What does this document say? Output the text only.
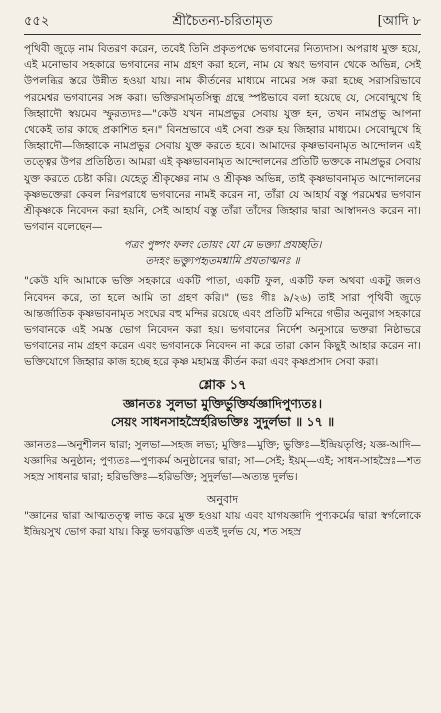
৫৫২	শ্রীচৈতন্য-চরিতামৃত	[আদি ৮

পৃথিবী জুড়ে নাম বিতরণ করেন, তবেই তিনি প্রকৃতপক্ষে ভগবানের নিত্যদাস। অপরাধ মুক্ত হয়ে, এই মনোভাব সহকারে ভগবানের নাম গ্রহণ করা হলে, নাম যে স্বয়ং ভগবান থেকে অভিন্ন, সেই উপলব্ধির স্তরে উন্নীত হওয়া যায়। নাম কীর্তনের মাধ্যমে নামের সঙ্গ করা হচ্ছে সরাসরিভাবে পরমেশ্বর ভগবানের সঙ্গ করা। ভক্তিরসামৃতসিন্ধু গ্রন্থে স্পষ্টভাবে বলা হয়েছে যে, সেবোন্মুখে হি জিহ্বাদৌ স্বয়মেব স্ফুরত্যদঃ—"কেউ যখন নামপ্রভুর সেবায় যুক্ত হন, তখন নামপ্রভু আপনা থেকেই তার কাছে প্রকাশিত হন।" বিনম্রভাবে এই সেবা শুরু হয় জিহ্বার মাধ্যমে। সেবোন্মুখে হি জিহ্বাদৌ—জিহ্বাকে নামপ্রভুর সেবায় যুক্ত করতে হবে। আমাদের কৃষ্ণভাবনামৃত আন্দোলন এই তত্ত্বের উপর প্রতিষ্ঠিত। আমরা এই কৃষ্ণভাবনামৃত আন্দোলনের প্রতিটি ভক্তকে নামপ্রভুর সেবায় যুক্ত করতে চেষ্টা করি। যেহেতু শ্রীকৃষ্ণের নাম ও শ্রীকৃষ্ণ অভিন্ন, তাই কৃষ্ণভাবনামৃত আন্দোলনের কৃষ্ণভক্তেরা কেবল নিরপরাধে ভগবানের নামই করেন না, তাঁরা যে আহার্য বস্তু পরমেশ্বর ভগবান শ্রীকৃষ্ণকে নিবেদন করা হয়নি, সেই আহার্য বস্তু তাঁরা তাঁদের জিহ্বার দ্বারা আস্বাদনও করেন না। ভগবান বলেছেন—

পত্রং পুষ্পং ফলং তোয়ং যো মে ভক্ত্যা প্রযচ্ছতি।
তদহং ভক্ত্যুপহৃতমশ্নামি প্রযতাত্মনঃ ॥

"কেউ যদি আমাকে ভক্তি সহকারে একটি পাতা, একটি ফুল, একটি ফল অথবা একটু জলও নিবেদন করে, তা হলে আমি তা গ্রহণ করি।" (ভঃ গীঃ ৯/২৬) তাই সারা পৃথিবী জুড়ে আন্তর্জাতিক কৃষ্ণভাবনামৃত সংঘের বহু মন্দির রয়েছে এবং প্রতিটি মন্দিরে গভীর অনুরাগ সহকারে ভগবানকে এই সমস্ত ভোগ নিবেদন করা হয়। ভগবানের নির্দেশ অনুসারে ভক্তরা নিষ্ঠাভরে ভগবানের নাম গ্রহণ করেন এবং ভগবানকে নিবেদন না করে তারা কোন কিছুই আহার করেন না। ভক্তিযোগে জিহ্বার কাজ হচ্ছে হরে কৃষ্ণ মহামন্ত্র কীর্তন করা এবং কৃষ্ণপ্রসাদ সেবা করা।

শ্লোক ১৭
জ্ঞানতঃ সুলভা মুক্তির্ভুক্তির্যজ্ঞাদিপুণ্যতঃ।
সেয়ং সাধনসাহস্রৈর্হরিভক্তিঃ সুদুর্লভা ॥ ১৭ ॥

জ্ঞানতঃ—অনুশীলন দ্বারা; সুলভা—সহজ লভ্য; মুক্তিঃ—মুক্তি; ভুক্তিঃ—ইন্দ্রিয়তৃপ্তি; যজ্ঞ-আদি—যজ্ঞাদির অনুষ্ঠান; পুণ্যতঃ—পুণ্যকর্ম অনুষ্ঠানের দ্বারা; সা—সেই; ইয়ম্—এই; সাধন-সাহস্রৈঃ—শত সহস্র সাধনার দ্বারা; হরিভক্তিঃ—হরিভক্তি; সুদুর্লভা—অত্যন্ত দুর্লভ।

অনুবাদ

"জ্ঞানের দ্বারা আত্মতত্ত্ব লাভ করে মুক্ত হওয়া যায় এবং যাগযজ্ঞাদি পুণ্যকর্মের দ্বারা স্বর্গলোকে ইন্দ্রিয়সুখ ভোগ করা যায়। কিন্তু ভগবদ্ভক্তি এতই দুর্লভ যে, শত সহস্র
